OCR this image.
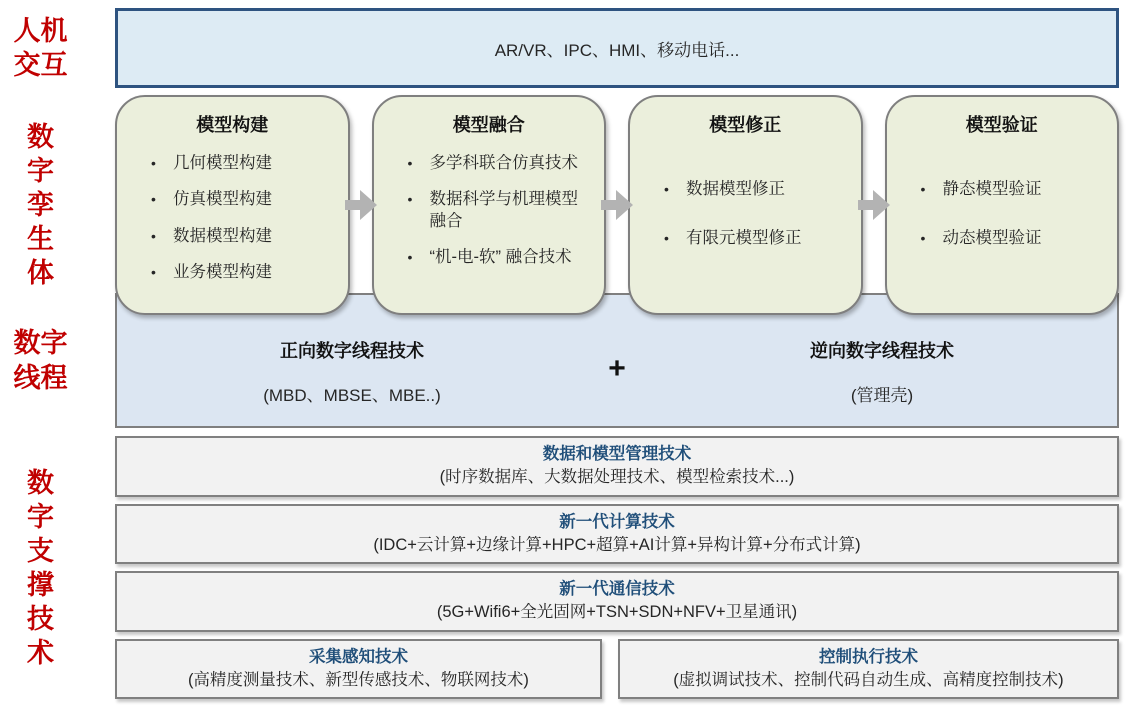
人机交互	AR/VR、IPC、HMI、移动电话...
数字孪生体
模型构建
• 几何模型构建
• 仿真模型构建
• 数据模型构建
• 业务模型构建
模型融合
• 多学科联合仿真技术
• 数据科学与机理模型融合
• “机-电-软” 融合技术
模型修正
• 数据模型修正
• 有限元模型修正
模型验证
• 静态模型验证
• 动态模型验证
数字线程
正向数字线程技术
(MBD、MBSE、MBE..)
+
逆向数字线程技术
(管理壳)
数字支撑技术
数据和模型管理技术
(时序数据库、大数据处理技术、模型检索技术...)
新一代计算技术
(IDC+云计算+边缘计算+HPC+超算+AI计算+异构计算+分布式计算)
新一代通信技术
(5G+Wifi6+全光固网+TSN+SDN+NFV+卫星通讯)
采集感知技术
(高精度测量技术、新型传感技术、物联网技术)
控制执行技术
(虚拟调试技术、控制代码自动生成、高精度控制技术)
